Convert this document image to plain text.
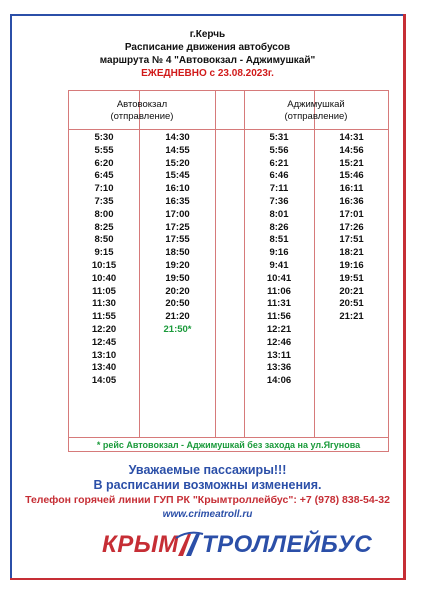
г.Керчь
Расписание движения автобусов
маршрута № 4 "Автовокзал - Аджимушкай"
ЕЖЕДНЕВНО с 23.08.2023г.
Автовокзал
(отправление)
Аджимушкай
(отправление)
5:30
5:55
6:20
6:45
7:10
7:35
8:00
8:25
8:50
9:15
10:15
10:40
11:05
11:30
11:55
12:20
12:45
13:10
13:40
14:05
14:30
14:55
15:20
15:45
16:10
16:35
17:00
17:25
17:55
18:50
19:20
19:50
20:20
20:50
21:20
21:50*
5:31
5:56
6:21
6:46
7:11
7:36
8:01
8:26
8:51
9:16
9:41
10:41
11:06
11:31
11:56
12:21
12:46
13:11
13:36
14:06
14:31
14:56
15:21
15:46
16:11
16:36
17:01
17:26
17:51
18:21
19:16
19:51
20:21
20:51
21:21
* рейс Автовокзал - Аджимушкай без захода на ул.Ягунова
Уважаемые пассажиры!!!
В расписании возможны изменения.
Телефон горячей линии ГУП РК "Крымтроллейбус": +7 (978) 838-54-32
www.crimeatroll.ru
КРЫМ ТРОЛЛЕЙБУС
